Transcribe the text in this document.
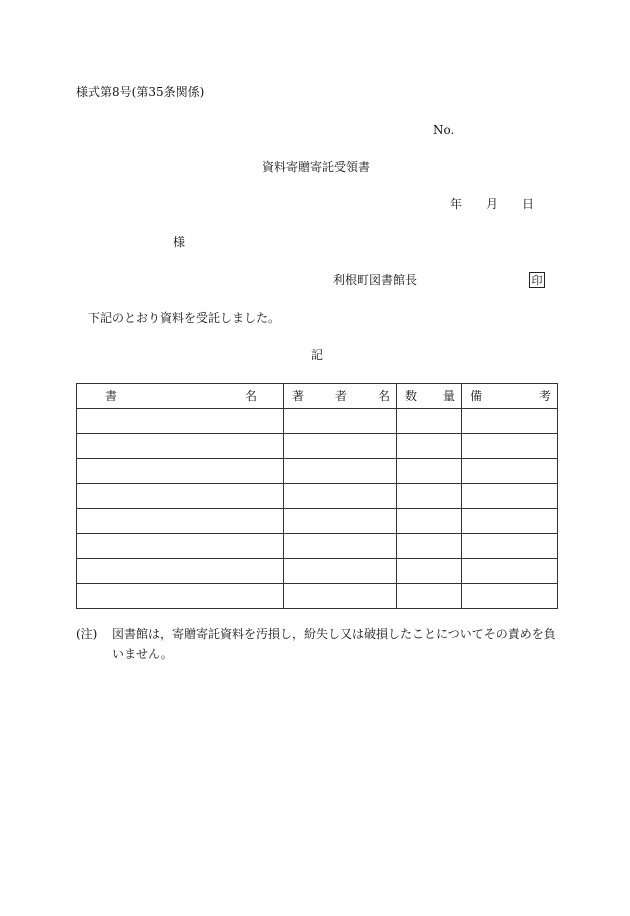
様式第8号(第35条関係)
No.
資料寄贈寄託受領書
年 月 日
様
利根町図書館長	印
下記のとおり資料を受託しました。
記
書 名	著 者 名	数 量	備 考

(注) 図書館は，寄贈寄託資料を汚損し，紛失し又は破損したことについてその責めを負
いません。
